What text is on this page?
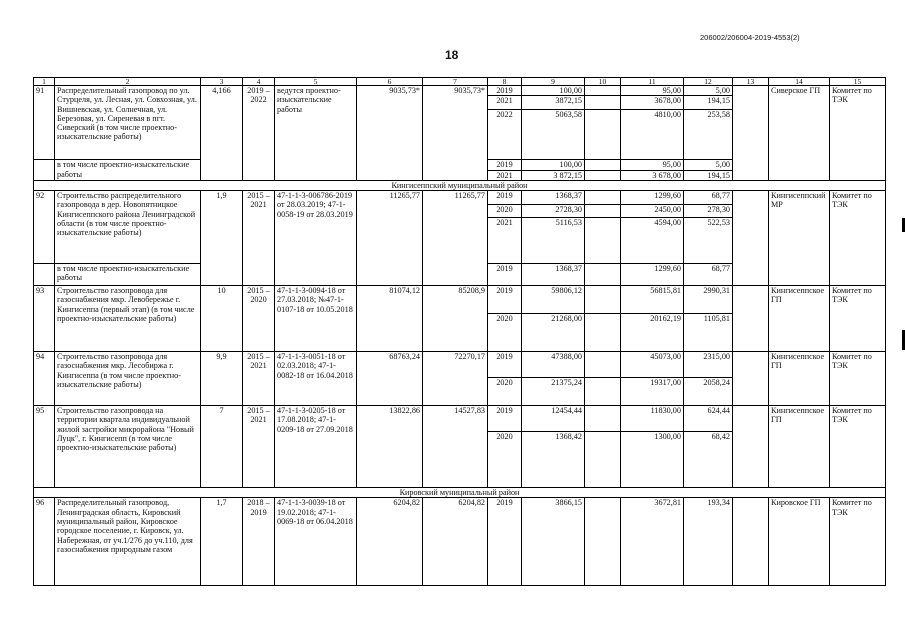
206002/206004-2019-4553(2)
18
1	2	3	4	5	6	7	8	9	10	11	12	13	14	15
91	Распределительный газопровод по ул. Стурцеля, ул. Лесная, ул. Совхозная, ул. Вишневская, ул. Солнечная, ул. Березовая, ул. Сиреневая в пгт. Сиверский (в том числе проектно-изыскательские работы)	4,166	2019 – 2022	ведутся проектно-изыскательские работы	9035,73*	9035,73*	2019	100,00		95,00	5,00		Сиверское ГП	Комитет по ТЭК
							2021	3872,15		3678,00	194,15			
							2022	5063,58		4810,00	253,58			
	в том числе проектно-изыскательские работы						2019	100,00		95,00	5,00			
							2021	3 872,15		3 678,00	194,15			
Кингисеппский муниципальный район														
92	Строительство распределительного газопровода в дер. Новопятницкое Кингисеппского района Ленинградской области (в том числе проектно-изыскательские работы)	1,9	2015 – 2021	47-1-1-3-006786-2019 от 28.03.2019; 47-1-0058-19 от 28.03.2019	11265,77	11265,77	2019	1368,37		1299,60	68,77		Кингисеппский МР	Комитет по ТЭК
							2020	2728,30		2450,00	278,30			
							2021	5116,53		4594,00	522,53			
	в том числе проектно-изыскательские работы						2019	1368,37		1299,60	68,77			
93	Строительство газопровода для газоснабжения мкр. Левобережье г. Кингисеппа (первый этап) (в том числе проектно-изыскательские работы)	10	2015 – 2020	47-1-1-3-0094-18 от 27.03.2018; №47-1-0107-18 от 10.05.2018	81074,12	85208,9	2019	59806,12		56815,81	2990,31		Кингисеппское ГП	Комитет по ТЭК
							2020	21268,00		20162,19	1105,81			
94	Строительство газопровода для газоснабжения мкр. Лесобиржа г. Кингисеппа (в том числе проектно-изыскательские работы)	9,9	2015 – 2021	47-1-1-3-0051-18 от 02.03.2018; 47-1-0082-18 от 16.04.2018	68763,24	72270,17	2019	47388,00		45073,00	2315,00		Кингисеппское ГП	Комитет по ТЭК
							2020	21375,24		19317,00	2058,24			
95	Строительство газопровода на территории квартала индивидуальной жилой застройки микрорайона "Новый Луцк", г. Кингисепп (в том числе проектно-изыскательские работы)	7	2015 – 2021	47-1-1-3-0205-18 от 17.08.2018; 47-1-0209-18 от 27.09.2018	13822,86	14527,83	2019	12454,44		11830,00	624,44		Кингисеппское ГП	Комитет по ТЭК
							2020	1368,42		1300,00	68,42			
Кировский муниципальный район														
96	Распределительный газопровод, Ленинградская область, Кировский муниципальный район, Кировское городское поселение, г. Кировск, ул. Набережная, от уч.1/276 до уч.110, для газоснабжения природным газом	1,7	2018 – 2019	47-1-1-3-0039-18 от 19.02.2018; 47-1-0069-18 от 06.04.2018	6204,82	6204,82	2019	3866,15		3672,81	193,34		Кировское ГП	Комитет по ТЭК
